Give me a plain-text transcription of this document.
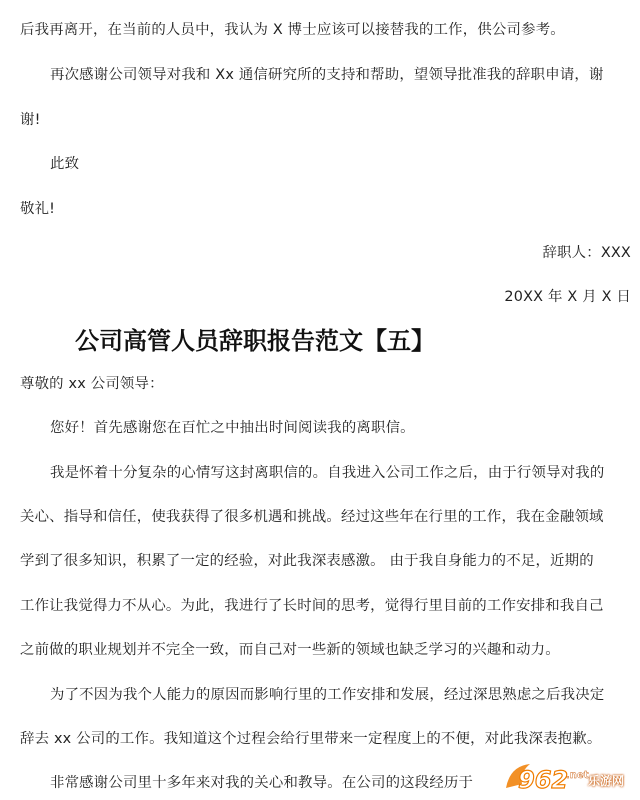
后我再离开，在当前的人员中，我认为 X 博士应该可以接替我的工作，供公司参考。
再次感谢公司领导对我和 Xx 通信研究所的支持和帮助，望领导批准我的辞职申请，谢
谢!
此致
敬礼!
辞职人：XXX
20XX 年 X 月 X 日
公司高管人员辞职报告范文【五】
尊敬的 xx 公司领导：
您好！首先感谢您在百忙之中抽出时间阅读我的离职信。
我是怀着十分复杂的心情写这封离职信的。自我进入公司工作之后，由于行领导对我的
关心、指导和信任，使我获得了很多机遇和挑战。经过这些年在行里的工作，我在金融领域
学到了很多知识，积累了一定的经验，对此我深表感激。 由于我自身能力的不足，近期的
工作让我觉得力不从心。为此，我进行了长时间的思考，觉得行里目前的工作安排和我自己
之前做的职业规划并不完全一致，而自己对一些新的领域也缺乏学习的兴趣和动力。
为了不因为我个人能力的原因而影响行里的工作安排和发展，经过深思熟虑之后我决定
辞去 xx 公司的工作。我知道这个过程会给行里带来一定程度上的不便，对此我深表抱歉。
非常感谢公司里十多年来对我的关心和教导。在公司的这段经历于	962
.net 乐游网
